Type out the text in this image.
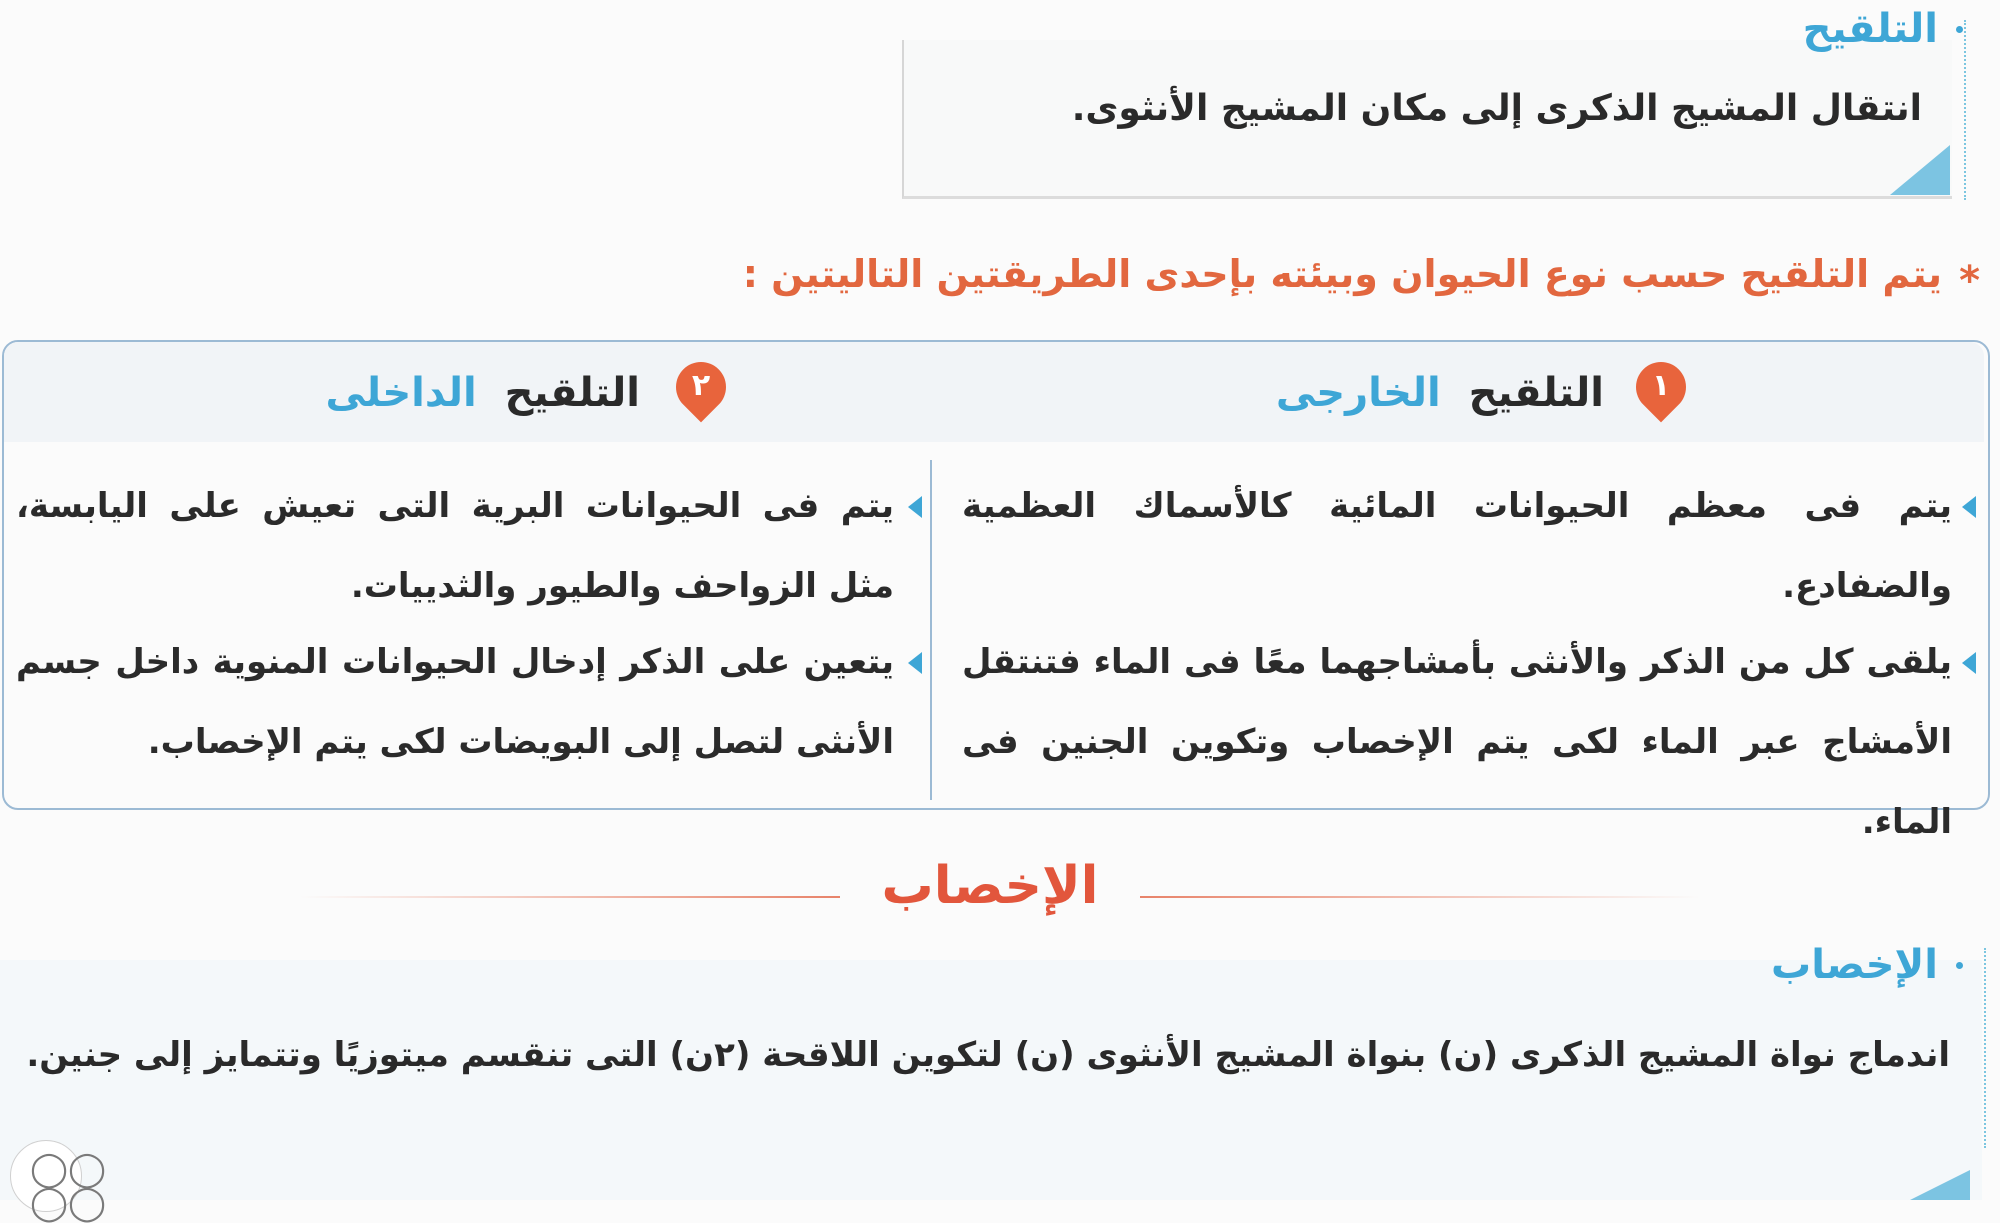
التلقيح
انتقال المشيج الذكرى إلى مكان المشيج الأنثوى.
*
يتم التلقيح حسب نوع الحيوان وبيئته بإحدى الطريقتين التاليتين :
١
التلقيح الخارجى
٢
التلقيح الداخلى
يتم فى معظم الحيوانات المائية كالأسماك العظمية والضفادع.
يلقى كل من الذكر والأنثى بأمشاجهما معًا فى الماء فتنتقل الأمشاج عبر الماء لكى يتم الإخصاب وتكوين الجنين فى الماء.
يتم فى الحيوانات البرية التى تعيش على اليابسة، مثل الزواحف والطيور والثدييات.
يتعين على الذكر إدخال الحيوانات المنوية داخل جسم الأنثى لتصل إلى البويضات لكى يتم الإخصاب.
الإخصاب
الإخصاب
اندماج نواة المشيج الذكرى (ن) بنواة المشيج الأنثوى (ن) لتكوين اللاقحة (٢ن) التى تنقسم ميتوزيًا وتتمايز إلى جنين.
◯◯
◯◯
